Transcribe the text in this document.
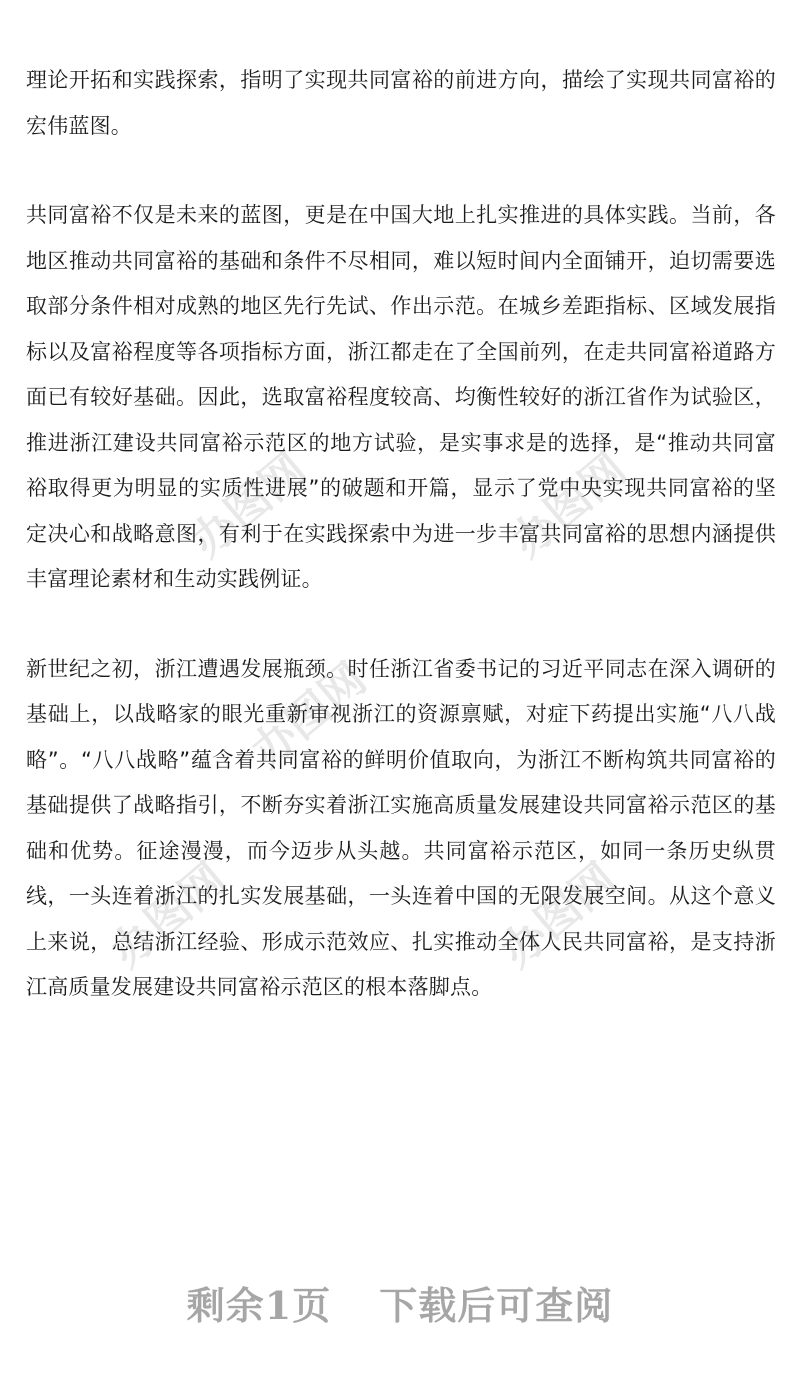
办图网	办图网
办图网
办图网	办图网

理论开拓和实践探索，指明了实现共同富裕的前进方向，描绘了实现共同富裕的宏伟蓝图。

共同富裕不仅是未来的蓝图，更是在中国大地上扎实推进的具体实践。当前，各地区推动共同富裕的基础和条件不尽相同，难以短时间内全面铺开，迫切需要选取部分条件相对成熟的地区先行先试、作出示范。在城乡差距指标、区域发展指标以及富裕程度等各项指标方面，浙江都走在了全国前列，在走共同富裕道路方面已有较好基础。因此，选取富裕程度较高、均衡性较好的浙江省作为试验区，推进浙江建设共同富裕示范区的地方试验，是实事求是的选择，是“推动共同富裕取得更为明显的实质性进展”的破题和开篇，显示了党中央实现共同富裕的坚定决心和战略意图，有利于在实践探索中为进一步丰富共同富裕的思想内涵提供丰富理论素材和生动实践例证。

新世纪之初，浙江遭遇发展瓶颈。时任浙江省委书记的习近平同志在深入调研的基础上，以战略家的眼光重新审视浙江的资源禀赋，对症下药提出实施“八八战略”。“八八战略”蕴含着共同富裕的鲜明价值取向，为浙江不断构筑共同富裕的基础提供了战略指引，不断夯实着浙江实施高质量发展建设共同富裕示范区的基础和优势。征途漫漫，而今迈步从头越。共同富裕示范区，如同一条历史纵贯线，一头连着浙江的扎实发展基础，一头连着中国的无限发展空间。从这个意义上来说，总结浙江经验、形成示范效应、扎实推动全体人民共同富裕，是支持浙江高质量发展建设共同富裕示范区的根本落脚点。

剩余1页 下载后可查阅
